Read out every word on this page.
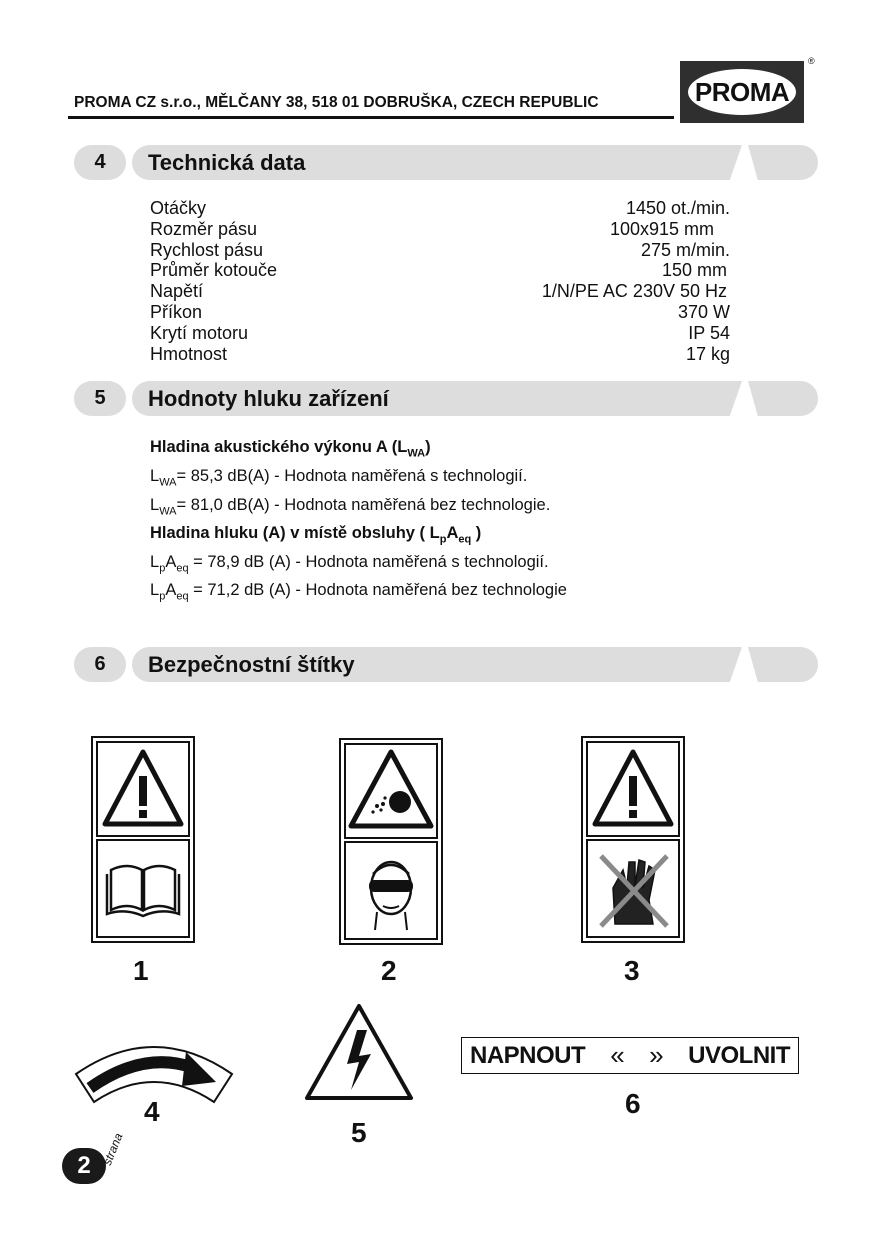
PROMA CZ s.r.o., MĚLČANY 38, 518 01 DOBRUŠKA, CZECH REPUBLIC	PROMA
®
4	Technická data
Otáčky	1450 ot./min.
Rozměr pásu	100x915 mm
Rychlost pásu	275 m/min.
Průměr kotouče	150 mm
Napětí	1/N/PE AC 230V 50 Hz
Příkon	370 W
Krytí motoru	IP 54
Hmotnost	17 kg
5	Hodnoty hluku zařízení
Hladina akustického výkonu A $(L_{WA})$
$L_{WA}= 85,3$ dB(A) - Hodnota naměřená s technologií.
$L_{WA}= 81,0$ dB(A) - Hodnota naměřená bez technologie.
Hladina hluku (A) v místě obsluhy ( $L_pA_{eq}$ )
$L_pA_{eq} = 78,9$ dB (A) - Hodnota naměřená s technologií.
$L_pA_{eq} = 71,2$ dB (A) - Hodnota naměřená bez technologie
6	Bezpečnostní štítky
1	2	3
4
5
NAPNOUT « » UVOLNIT
6
2 strana
